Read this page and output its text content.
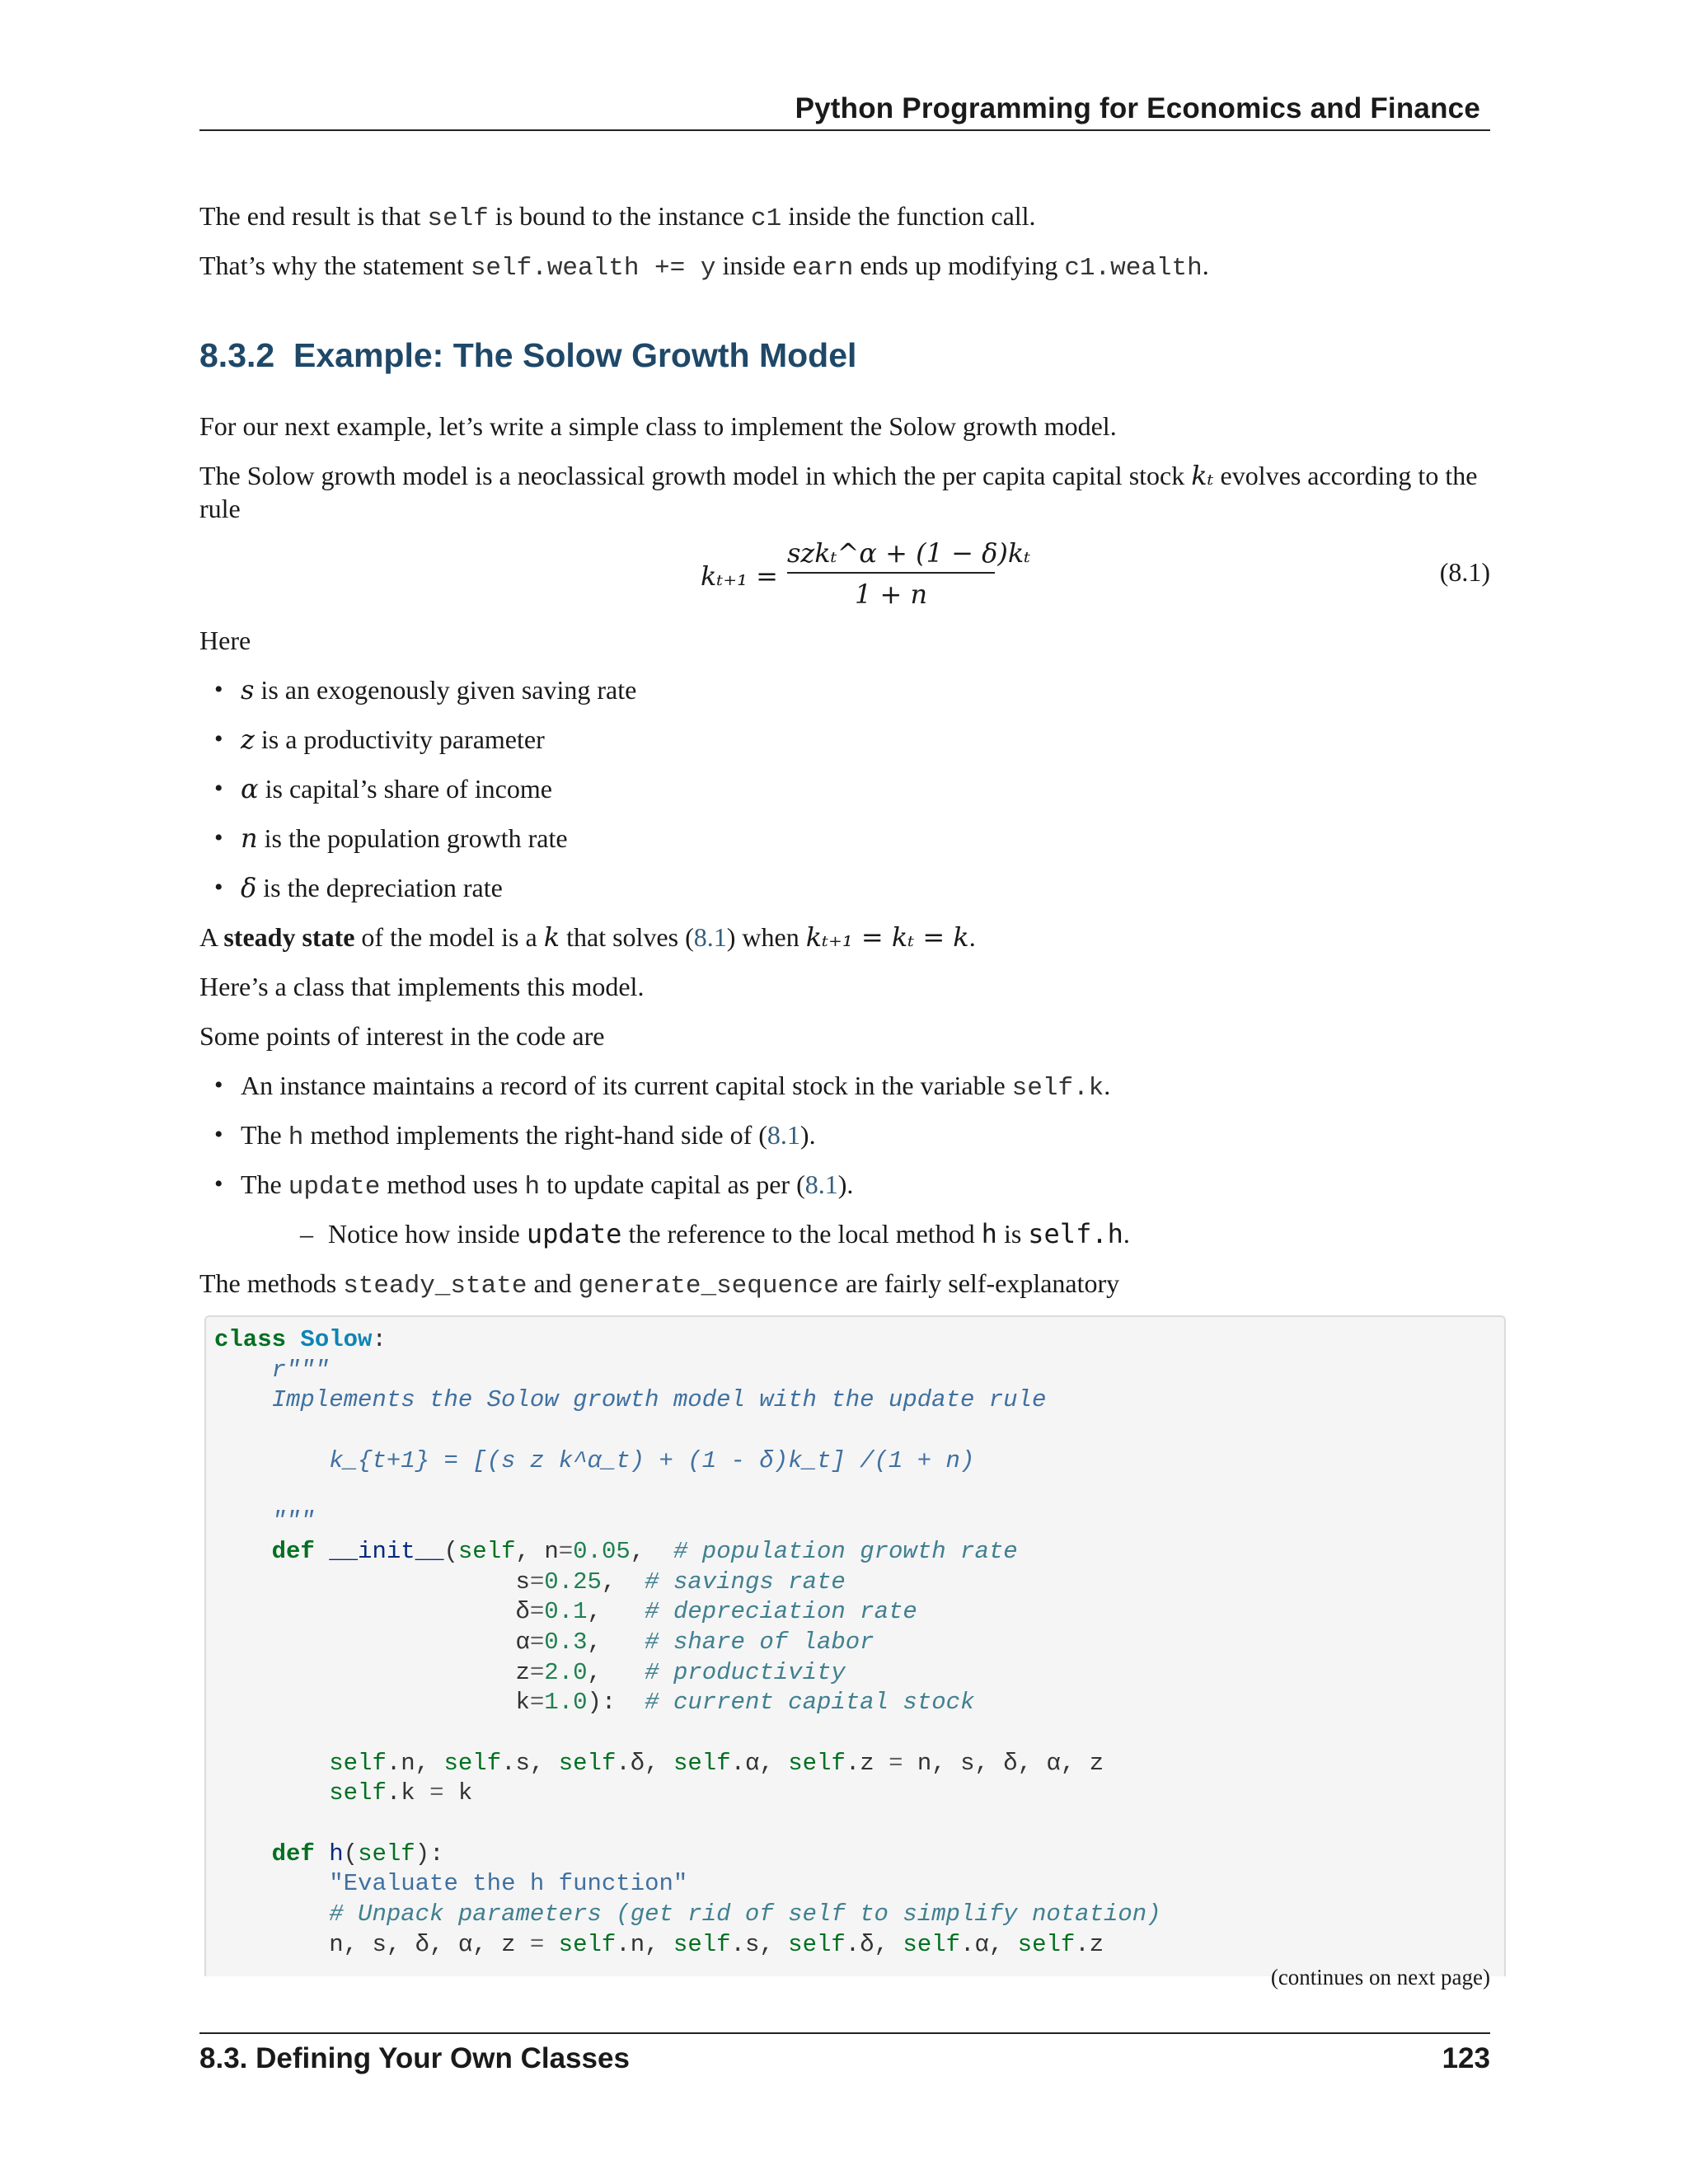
Python Programming for Economics and Finance
The end result is that self is bound to the instance c1 inside the function call.
That’s why the statement self.wealth += y inside earn ends up modifying c1.wealth.
8.3.2 Example: The Solow Growth Model
For our next example, let’s write a simple class to implement the Solow growth model.
The Solow growth model is a neoclassical growth model in which the per capita capital stock kₜ evolves according to the rule
kₜ₊₁ =
szkₜ^α + (1 − δ)kₜ
1 + n
(8.1)
Here
• s is an exogenously given saving rate
• z is a productivity parameter
• α is capital’s share of income
• n is the population growth rate
• δ is the depreciation rate
A steady state of the model is a k that solves (8.1) when kₜ₊₁ = kₜ = k.
Here’s a class that implements this model.
Some points of interest in the code are
• An instance maintains a record of its current capital stock in the variable self.k.
• The h method implements the right-hand side of (8.1).
• The update method uses h to update capital as per (8.1).
– Notice how inside update the reference to the local method h is self.h.
The methods steady_state and generate_sequence are fairly self-explanatory
class Solow:
r"""
Implements the Solow growth model with the update rule
k_{t+1} = [(s z k^α_t) + (1 - δ)k_t] /(1 + n)
"""
def __init__(self, n=0.05,  # population growth rate
s=0.25,  # savings rate
δ=0.1,   # depreciation rate
α=0.3,   # share of labor
z=2.0,   # productivity
k=1.0):  # current capital stock
self.n, self.s, self.δ, self.α, self.z = n, s, δ, α, z
self.k = k
def h(self):
"Evaluate the h function"
# Unpack parameters (get rid of self to simplify notation)
n, s, δ, α, z = self.n, self.s, self.δ, self.α, self.z
(continues on next page)
8.3. Defining Your Own Classes	123
